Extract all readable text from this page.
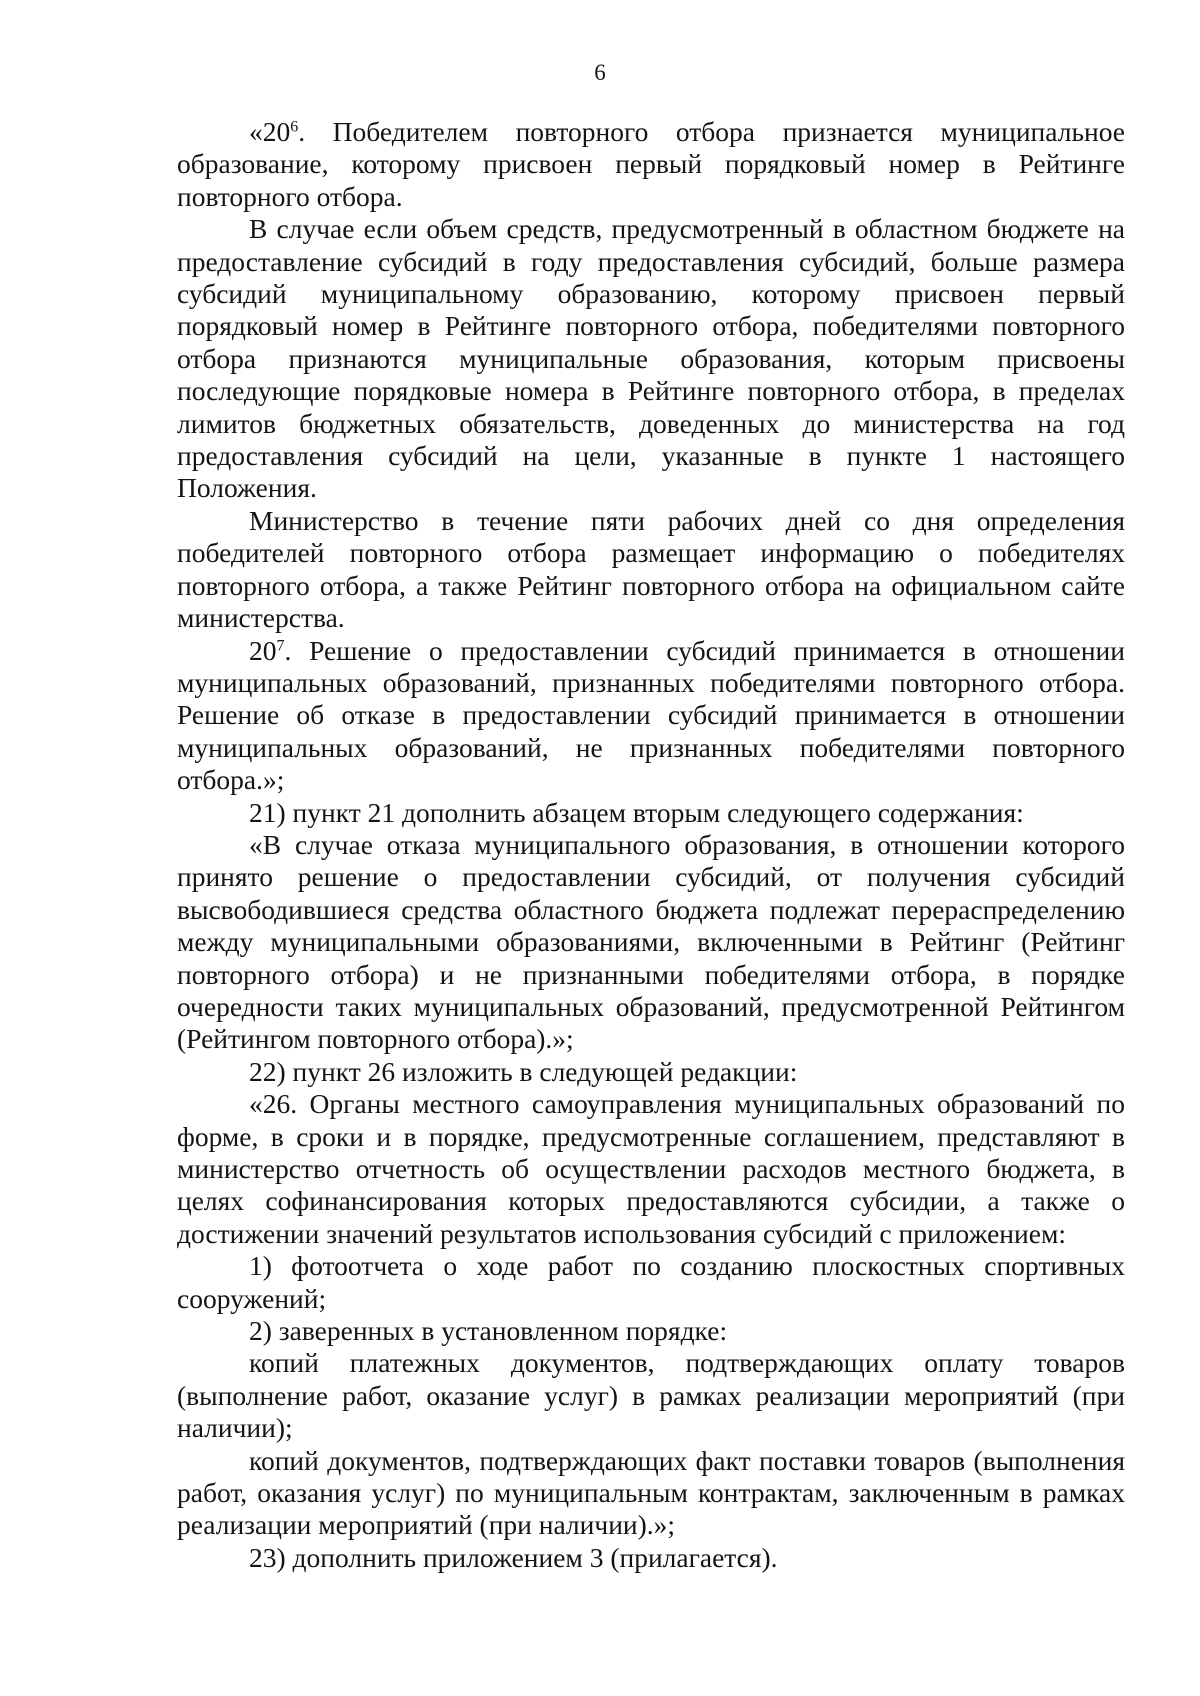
6

«$20^6$. Победителем повторного отбора признается муниципальное образование, которому присвоен первый порядковый номер в Рейтинге повторного отбора.

В случае если объем средств, предусмотренный в областном бюджете на предоставление субсидий в году предоставления субсидий, больше размера субсидий муниципальному образованию, которому присвоен первый порядковый номер в Рейтинге повторного отбора, победителями повторного отбора признаются муниципальные образования, которым присвоены последующие порядковые номера в Рейтинге повторного отбора, в пределах лимитов бюджетных обязательств, доведенных до министерства на год предоставления субсидий на цели, указанные в пункте 1 настоящего Положения.

Министерство в течение пяти рабочих дней со дня определения победителей повторного отбора размещает информацию о победителях повторного отбора, а также Рейтинг повторного отбора на официальном сайте министерства.

$20^7$. Решение о предоставлении субсидий принимается в отношении муниципальных образований, признанных победителями повторного отбора. Решение об отказе в предоставлении субсидий принимается в отношении муниципальных образований, не признанных победителями повторного отбора.»;

21) пункт 21 дополнить абзацем вторым следующего содержания:

«В случае отказа муниципального образования, в отношении которого принято решение о предоставлении субсидий, от получения субсидий высвободившиеся средства областного бюджета подлежат перераспределению между муниципальными образованиями, включенными в Рейтинг (Рейтинг повторного отбора) и не признанными победителями отбора, в порядке очередности таких муниципальных образований, предусмотренной Рейтингом (Рейтингом повторного отбора).»;

22) пункт 26 изложить в следующей редакции:

«26. Органы местного самоуправления муниципальных образований по форме, в сроки и в порядке, предусмотренные соглашением, представляют в министерство отчетность об осуществлении расходов местного бюджета, в целях софинансирования которых предоставляются субсидии, а также о достижении значений результатов использования субсидий с приложением:

1) фотоотчета о ходе работ по созданию плоскостных спортивных сооружений;

2) заверенных в установленном порядке:

копий платежных документов, подтверждающих оплату товаров (выполнение работ, оказание услуг) в рамках реализации мероприятий (при наличии);

копий документов, подтверждающих факт поставки товаров (выполнения работ, оказания услуг) по муниципальным контрактам, заключенным в рамках реализации мероприятий (при наличии).»;

23) дополнить приложением 3 (прилагается).
